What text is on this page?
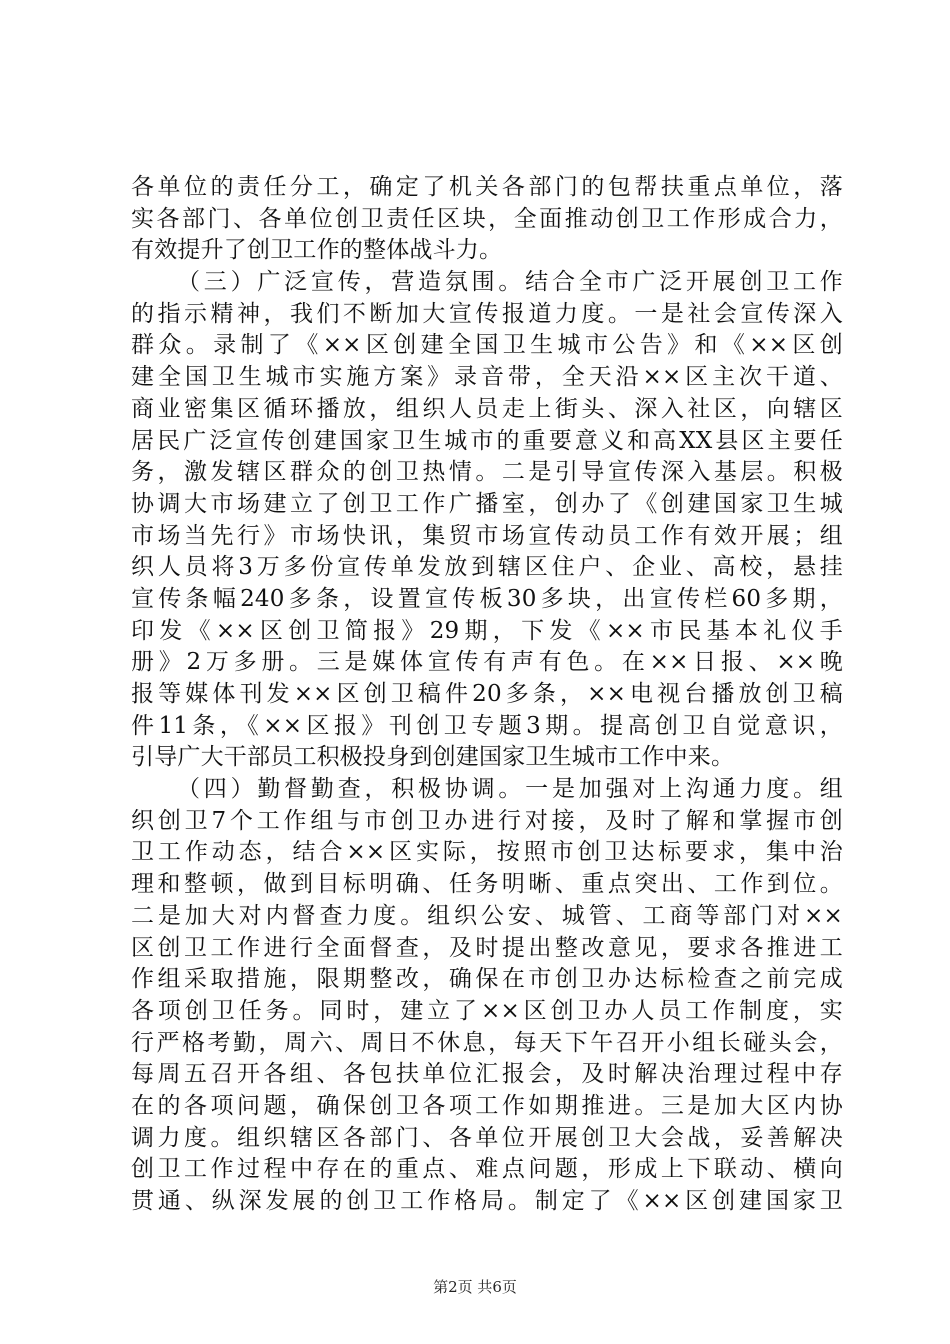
各单位的责任分工，确定了机关各部门的包帮扶重点单位，落
实各部门、各单位创卫责任区块，全面推动创卫工作形成合力，
有效提升了创卫工作的整体战斗力。
（三）广泛宣传，营造氛围。结合全市广泛开展创卫工作
的指示精神，我们不断加大宣传报道力度。一是社会宣传深入
群众。录制了《××区创建全国卫生城市公告》和《××区创
建全国卫生城市实施方案》录音带，全天沿××区主次干道、
商业密集区循环播放，组织人员走上街头、深入社区，向辖区
居民广泛宣传创建国家卫生城市的重要意义和高XX县区主要任
务，激发辖区群众的创卫热情。二是引导宣传深入基层。积极
协调大市场建立了创卫工作广播室，创办了《创建国家卫生城
市场当先行》市场快讯，集贸市场宣传动员工作有效开展；组
织人员将3万多份宣传单发放到辖区住户、企业、高校，悬挂
宣传条幅240多条，设置宣传板30多块，出宣传栏60多期，
印发《××区创卫简报》29期，下发《××市民基本礼仪手
册》2万多册。三是媒体宣传有声有色。在××日报、××晚
报等媒体刊发××区创卫稿件20多条，××电视台播放创卫稿
件11条，《××区报》刊创卫专题3期。提高创卫自觉意识，
引导广大干部员工积极投身到创建国家卫生城市工作中来。
（四）勤督勤查，积极协调。一是加强对上沟通力度。组
织创卫7个工作组与市创卫办进行对接，及时了解和掌握市创
卫工作动态，结合××区实际，按照市创卫达标要求，集中治
理和整顿，做到目标明确、任务明晰、重点突出、工作到位。
二是加大对内督查力度。组织公安、城管、工商等部门对××
区创卫工作进行全面督查，及时提出整改意见，要求各推进工
作组采取措施，限期整改，确保在市创卫办达标检查之前完成
各项创卫任务。同时，建立了××区创卫办人员工作制度，实
行严格考勤，周六、周日不休息，每天下午召开小组长碰头会，
每周五召开各组、各包扶单位汇报会，及时解决治理过程中存
在的各项问题，确保创卫各项工作如期推进。三是加大区内协
调力度。组织辖区各部门、各单位开展创卫大会战，妥善解决
创卫工作过程中存在的重点、难点问题，形成上下联动、横向
贯通、纵深发展的创卫工作格局。制定了《××区创建国家卫
第2页 共6页
